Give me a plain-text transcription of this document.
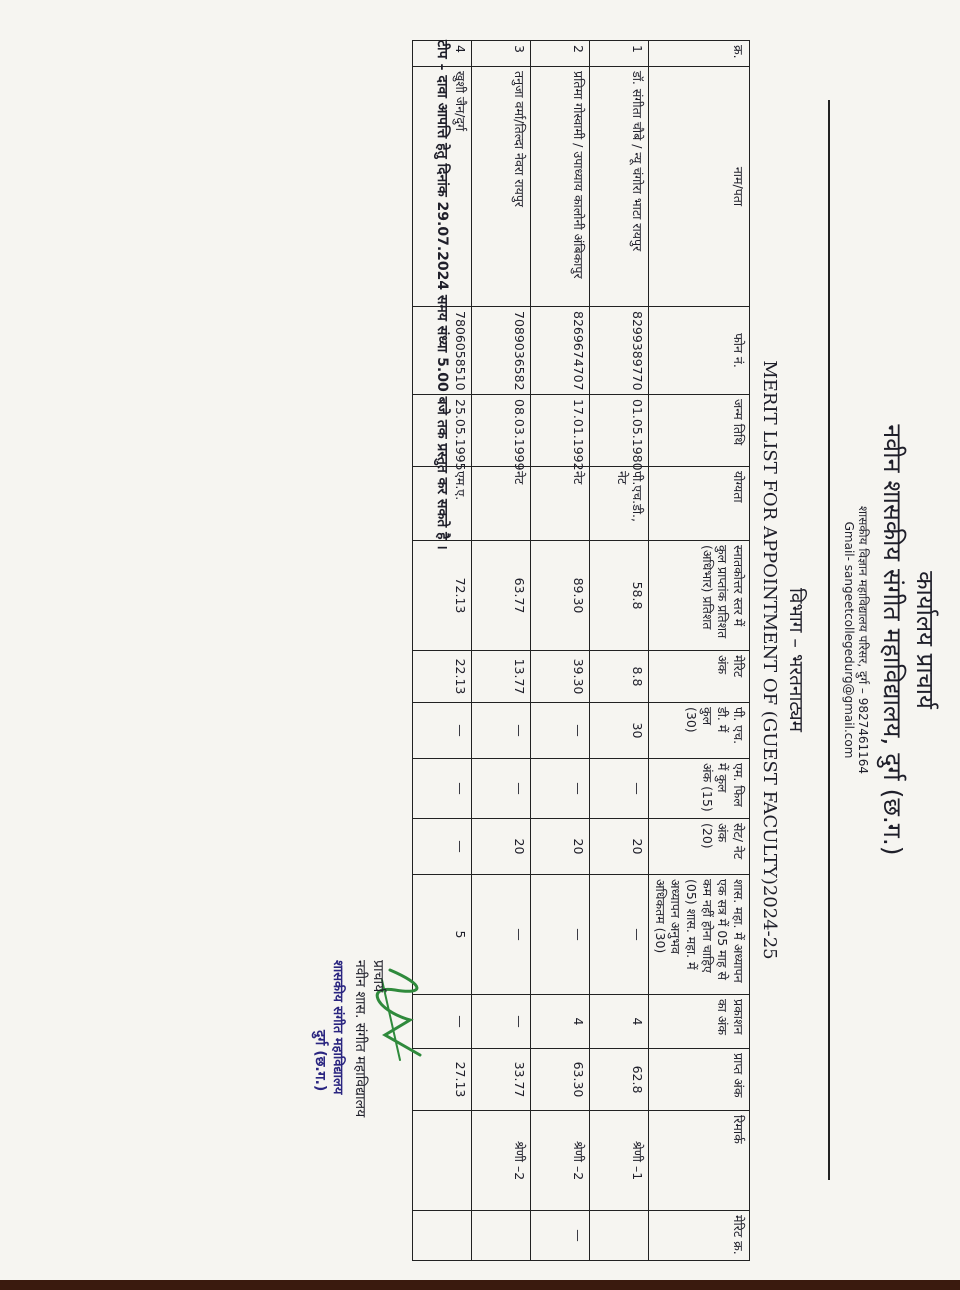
कार्यालय प्राचार्य
नवीन शासकीय संगीत महाविद्यालय, दुर्ग (छ.ग.)
शासकीय विज्ञान महाविद्यालय परिसर, दुर्ग – 9827461164
Gmail- sangeetcollegedurg@gmail.com
विभाग – भरतनाट्यम
MERIT LIST FOR APPOINTMENT OF (GUEST FACULTY)2024-25
क्र.	नाम/पता	फोन नं.	जन्म तिथि	योग्यता	स्नातकोत्तर स्तर में कुल प्राप्तांक प्रतिशत (अधिभार) प्रतिशत	मेरिट अंक	पी. एच. डी. में कुल (30)	एम. फिल में कुल अंक (15)	सेट/ नेट अंक (20)	शास. महा. में अध्यापन एक सत्र में 05 माह से कम नहीं होना चाहिए (05) शास. महा. में अध्यापन अनुभव अधिकतम (30)	प्रकाशन का अंक	प्राप्त अंक	रिमार्क	मेरिट क्र.
1	डॉ. संगीता चौबे / न्यू चंगोरा भाटा रायपुर	8299389770	01.05.1980	पी.एच.डी., नेट	58.8	8.8	30	—	20	—	4	62.8	श्रेणी –1	
2	प्रतिमा गोस्वामी / उपाध्याय कालोनी अंबिकापुर	8269674707	17.01.1992	नेट	89.30	39.30	—	—	20	—	4	63.30	श्रेणी –2	—
3	तनुजा वर्मा/तिल्दा नेवरा रायपुर	7089036582	08.03.1999	नेट	63.77	13.77	—	—	20	—	—	33.77	श्रेणी –2	
4	खुशी जैन/दुर्ग	7806058510	25.05.1995	एम.ए.	72.13	22.13	—	—	—	5	—	27.13		
टीप – दावा आपत्ति हेतु दिनांक 29.07.2024 समय संध्या 5.00 बजे तक प्रस्तुत कर सकते है ।
प्राचार्य
नवीन शास. संगीत महाविद्यालय
शासकीय संगीत महाविद्यालय
दुर्ग (छ.ग.)
